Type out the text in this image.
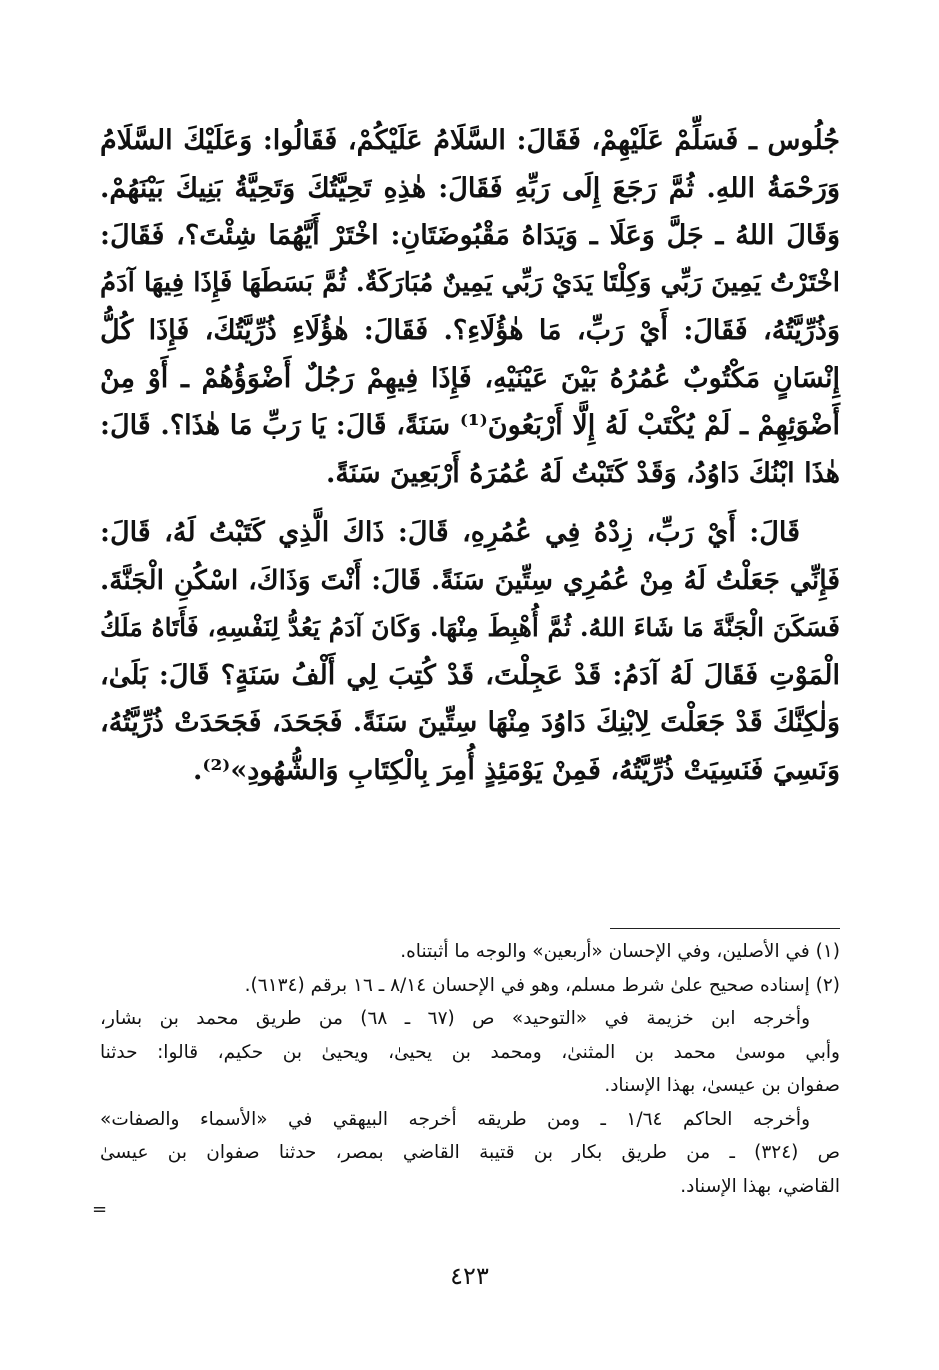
جُلُوس ـ فَسَلِّمْ عَلَيْهِمْ، فَقَالَ: السَّلَامُ عَلَيْكُمْ، فَقَالُوا: وَعَلَيْكَ السَّلَامُ
وَرَحْمَةُ اللهِ. ثُمَّ رَجَعَ إِلَى رَبِّهِ فَقَالَ: هٰذِهِ تَحِيَّتُكَ وَتَحِيَّةُ بَنِيكَ بَيْنَهُمْ.
وَقَالَ اللهُ ـ جَلَّ وَعَلَا ـ وَيَدَاهُ مَقْبُوضَتَانِ: اخْتَرْ أَيَّهُمَا شِئْتَ؟، فَقَالَ:
اخْتَرْتُ يَمِينَ رَبِّي وَكِلْتَا يَدَيْ رَبِّي يَمِينٌ مُبَارَكَةٌ. ثُمَّ بَسَطَهَا فَإِذَا فِيهَا آدَمُ
وَذُرِّيَّتُهُ، فَقَالَ: أَيْ رَبِّ، مَا هٰؤُلَاءِ؟. فَقَالَ: هٰؤُلَاءِ ذُرِّيَّتُكَ، فَإِذَا كُلُّ
إِنْسَانٍ مَكْتُوبٌ عُمُرُهُ بَيْنَ عَيْنَيْهِ، فَإِذَا فِيهِمْ رَجُلٌ أَضْوَؤُهُمْ ـ أَوْ مِنْ
أَضْوَئِهِمْ ـ لَمْ يُكْتَبْ لَهُ إِلَّا أَرْبَعُونَ⁽¹⁾ سَنَةً، قَالَ: يَا رَبِّ مَا هٰذَا؟. قَالَ:
هٰذَا ابْنُكَ دَاوُدُ، وَقَدْ كَتَبْتُ لَهُ عُمُرَهُ أَرْبَعِينَ سَنَةً.
قَالَ: أَيْ رَبِّ، زِدْهُ فِي عُمُرِهِ، قَالَ: ذَاكَ الَّذِي كَتَبْتُ لَهُ، قَالَ:
فَإِنِّي جَعَلْتُ لَهُ مِنْ عُمُرِي سِتِّينَ سَنَةً. قَالَ: أَنْتَ وَذَاكَ، اسْكُنِ الْجَنَّةَ.
فَسَكَنَ الْجَنَّةَ مَا شَاءَ اللهُ. ثُمَّ أُهْبِطَ مِنْهَا. وَكَانَ آدَمُ يَعُدُّ لِنَفْسِهِ، فَأَتَاهُ مَلَكُ
الْمَوْتِ فَقَالَ لَهُ آدَمُ: قَدْ عَجِلْتَ، قَدْ كُتِبَ لِي أَلْفُ سَنَةٍ؟ قَالَ: بَلَىٰ،
وَلٰكِنَّكَ قَدْ جَعَلْتَ لِابْنِكَ دَاوُدَ مِنْهَا سِتِّينَ سَنَةً. فَجَحَدَ، فَجَحَدَتْ ذُرِّيَّتُهُ،
وَنَسِيَ فَنَسِيَتْ ذُرِّيَّتُهُ، فَمِنْ يَوْمَئِذٍ أُمِرَ بِالْكِتَابِ وَالشُّهُودِ»⁽²⁾.
(١) في الأصلين، وفي الإحسان «أربعين» والوجه ما أثبتناه.
(٢) إسناده صحيح علىٰ شرط مسلم، وهو في الإحسان ٨/١٤ ـ ١٦ برقم (٦١٣٤).
وأخرجه ابن خزيمة في «التوحيد» ص (٦٧ ـ ٦٨) من طريق محمد بن بشار،
وأبي موسىٰ محمد بن المثنىٰ، ومحمد بن يحيىٰ، ويحيىٰ بن حكيم، قالوا: حدثنا
صفوان بن عيسىٰ، بهذا الإسناد.
وأخرجه الحاكم ١/٦٤ ـ ومن طريقه أخرجه البيهقي في «الأسماء والصفات»
ص (٣٢٤) ـ من طريق بكار بن قتيبة القاضي بمصر، حدثنا صفوان بن عيسىٰ
القاضي، بهذا الإسناد.
=
٤٢٣
